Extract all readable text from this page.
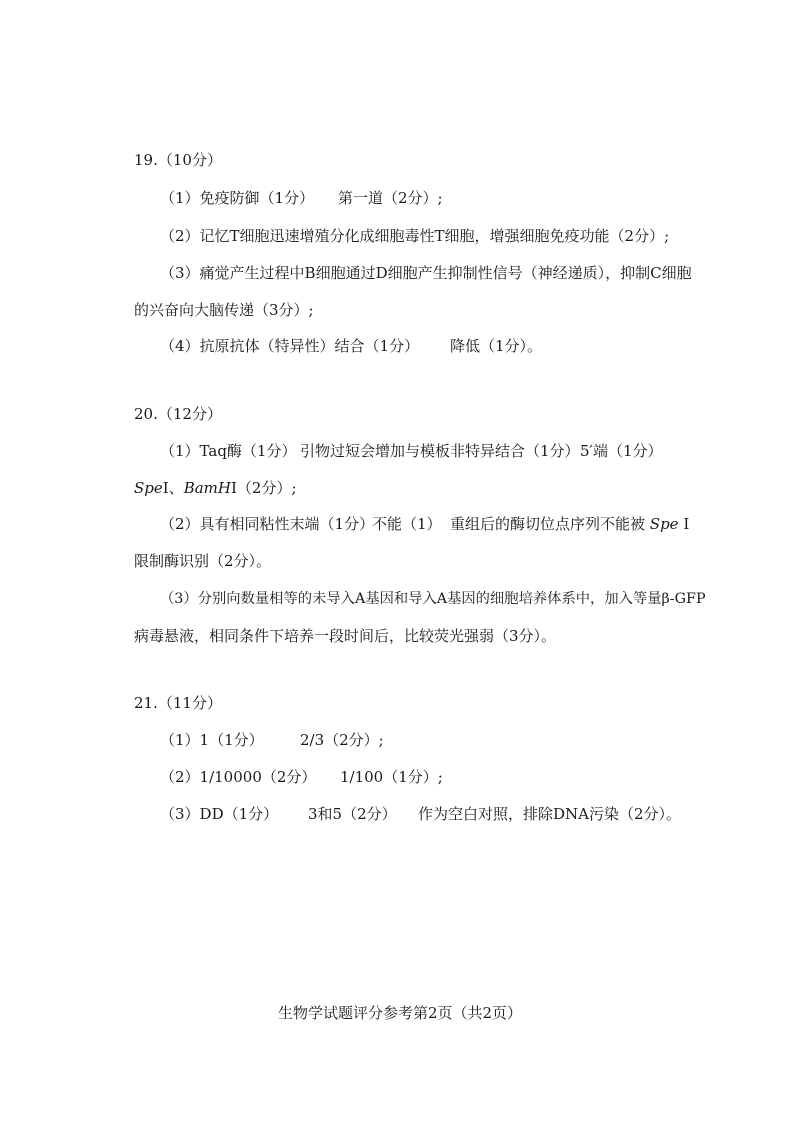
19.（10分）
（1）免疫防御（1分） 第一道（2分）;
（2）记忆T细胞迅速增殖分化成细胞毒性T细胞，增强细胞免疫功能（2分）;
（3）痛觉产生过程中B细胞通过D细胞产生抑制性信号（神经递质），抑制C细胞
的兴奋向大脑传递（3分）;
（4）抗原抗体（特异性）结合（1分） 降低（1分）。
20.（12分）
（1）Taq酶（1分） 引物过短会增加与模板非特异结合（1分） 5′端（1分）
SpeⅠ、BamHⅠ（2分）;
（2）具有相同粘性末端（1分）
不能（1） 重组后的酶切位点序列不能被 Spe Ⅰ
限制酶识别（2分）。
（3）分别向数量相等的未导入A基因和导入A基因的细胞培养体系中，加入等量β-GFP
病毒悬液，相同条件下培养一段时间后，比较荧光强弱（3分）。
21.（11分）
（1）1（1分） 2/3（2分）;
（2）1/10000（2分） 1/100（1分）;
（3）DD（1分） 3和5（2分） 作为空白对照，排除DNA污染（2分）。
生物学试题评分参考第2页（共2页）
